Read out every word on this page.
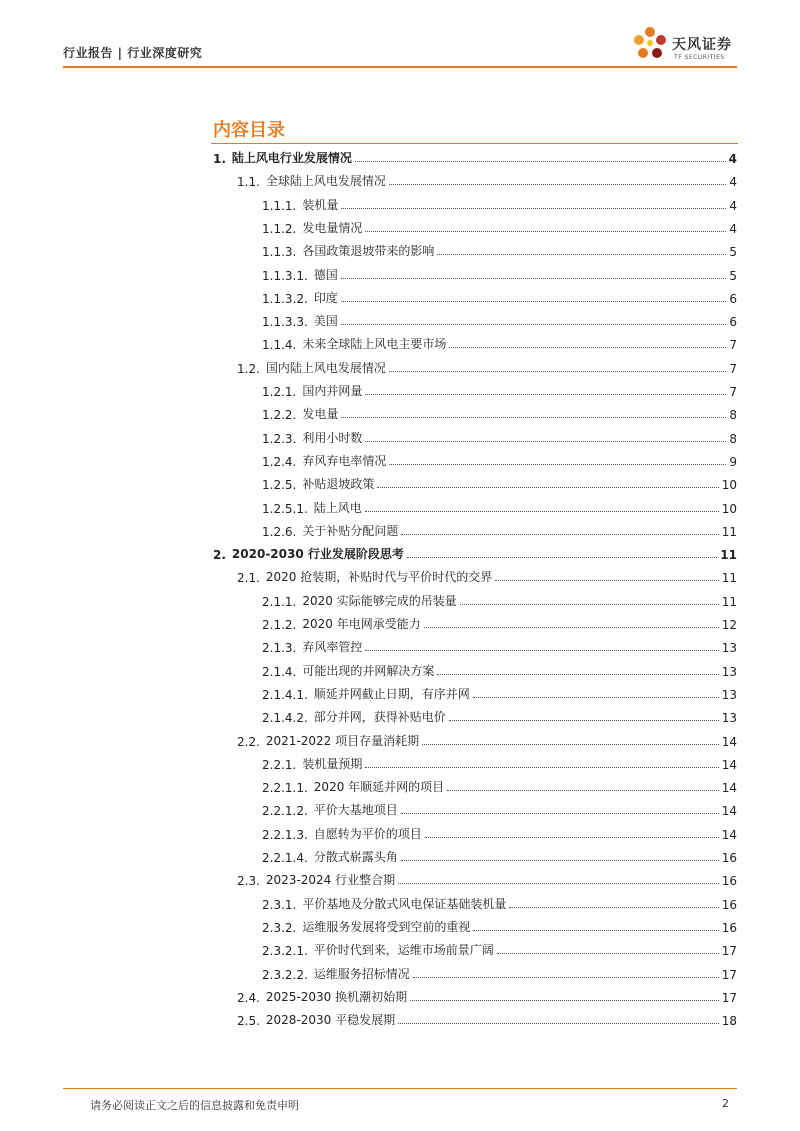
行业报告 | 行业深度研究	天风证券
TF SECURITIES
内容目录
1. 陆上风电行业发展情况	4
1.1. 全球陆上风电发展情况	4
1.1.1. 装机量	4
1.1.2. 发电量情况	4
1.1.3. 各国政策退坡带来的影响	5
1.1.3.1. 德国	5
1.1.3.2. 印度	6
1.1.3.3. 美国	6
1.1.4. 未来全球陆上风电主要市场	7
1.2. 国内陆上风电发展情况	7
1.2.1. 国内并网量	7
1.2.2. 发电量	8
1.2.3. 利用小时数	8
1.2.4. 弃风弃电率情况	9
1.2.5. 补贴退坡政策	10
1.2.5.1. 陆上风电	10
1.2.6. 关于补贴分配问题	11
2. 2020-2030 行业发展阶段思考	11
2.1. 2020 抢装期，补贴时代与平价时代的交界	11
2.1.1. 2020 实际能够完成的吊装量	11
2.1.2. 2020 年电网承受能力	12
2.1.3. 弃风率管控	13
2.1.4. 可能出现的并网解决方案	13
2.1.4.1. 顺延并网截止日期，有序并网	13
2.1.4.2. 部分并网，获得补贴电价	13
2.2. 2021-2022 项目存量消耗期	14
2.2.1. 装机量预期	14
2.2.1.1. 2020 年顺延并网的项目	14
2.2.1.2. 平价大基地项目	14
2.2.1.3. 自愿转为平价的项目	14
2.2.1.4. 分散式崭露头角	16
2.3. 2023-2024 行业整合期	16
2.3.1. 平价基地及分散式风电保证基础装机量	16
2.3.2. 运维服务发展将受到空前的重视	16
2.3.2.1. 平价时代到来，运维市场前景广阔	17
2.3.2.2. 运维服务招标情况	17
2.4. 2025-2030 换机潮初始期	17
2.5. 2028-2030 平稳发展期	18
请务必阅读正文之后的信息披露和免责申明	2
